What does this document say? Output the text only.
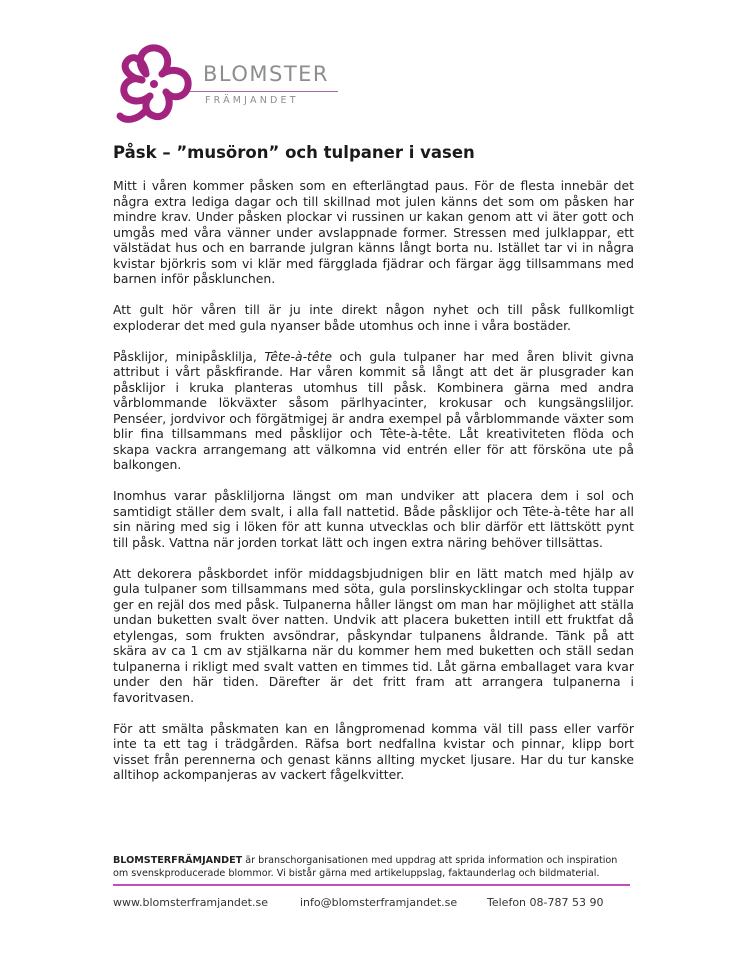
BLOMSTER
FRÄMJANDET
Påsk – ”musöron” och tulpaner i vasen

Mitt i våren kommer påsken som en efterlängtad paus. För de flesta innebär det några extra lediga dagar och till skillnad mot julen känns det som om påsken har mindre krav. Under påsken plockar vi russinen ur kakan genom att vi äter gott och umgås med våra vänner under avslappnade former. Stressen med julklappar, ett välstädat hus och en barrande julgran känns långt borta nu. Istället tar vi in några kvistar björkris som vi klär med färgglada fjädrar och färgar ägg tillsammans med barnen inför påsklunchen.

Att gult hör våren till är ju inte direkt någon nyhet och till påsk fullkomligt exploderar det med gula nyanser både utomhus och inne i våra bostäder.

Påsklijor, minipåsklilja, Tête-à-tête och gula tulpaner har med åren blivit givna attribut i vårt påskfirande. Har våren kommit så långt att det är plusgrader kan påsklijor i kruka planteras utomhus till påsk. Kombinera gärna med andra vårblommande lökväxter såsom pärlhyacinter, krokusar och kungsängsliljor. Penséer, jordvivor och förgätmigej är andra exempel på vårblommande växter som blir fina tillsammans med påsklijor och Tête-à-tête. Låt kreativiteten flöda och skapa vackra arrangemang att välkomna vid entrén eller för att försköna ute på balkongen.

Inomhus varar påskliljorna längst om man undviker att placera dem i sol och samtidigt ställer dem svalt, i alla fall nattetid. Både påsklijor och Tête-à-tête har all sin näring med sig i löken för att kunna utvecklas och blir därför ett lättskött pynt till påsk. Vattna när jorden torkat lätt och ingen extra näring behöver tillsättas.

Att dekorera påskbordet inför middagsbjudnigen blir en lätt match med hjälp av gula tulpaner som tillsammans med söta, gula porslinskycklingar och stolta tuppar ger en rejäl dos med påsk. Tulpanerna håller längst om man har möjlighet att ställa undan buketten svalt över natten. Undvik att placera buketten intill ett fruktfat då etylengas, som frukten avsöndrar, påskyndar tulpanens åldrande. Tänk på att skära av ca 1 cm av stjälkarna när du kommer hem med buketten och ställ sedan tulpanerna i rikligt med svalt vatten en timmes tid. Låt gärna emballaget vara kvar under den här tiden. Därefter är det fritt fram att arrangera tulpanerna i favoritvasen.

För att smälta påskmaten kan en långpromenad komma väl till pass eller varför inte ta ett tag i trädgården. Räfsa bort nedfallna kvistar och pinnar, klipp bort visset från perennerna och genast känns allting mycket ljusare. Har du tur kanske alltihop ackompanjeras av vackert fågelkvitter.

BLOMSTERFRÄMJANDET är branschorganisationen med uppdrag att sprida information och inspiration om svenskproducerade blommor. Vi bistår gärna med artikeluppslag, faktaunderlag och bildmaterial.
www.blomsterframjandet.se	info@blomsterframjandet.se	Telefon 08-787 53 90
